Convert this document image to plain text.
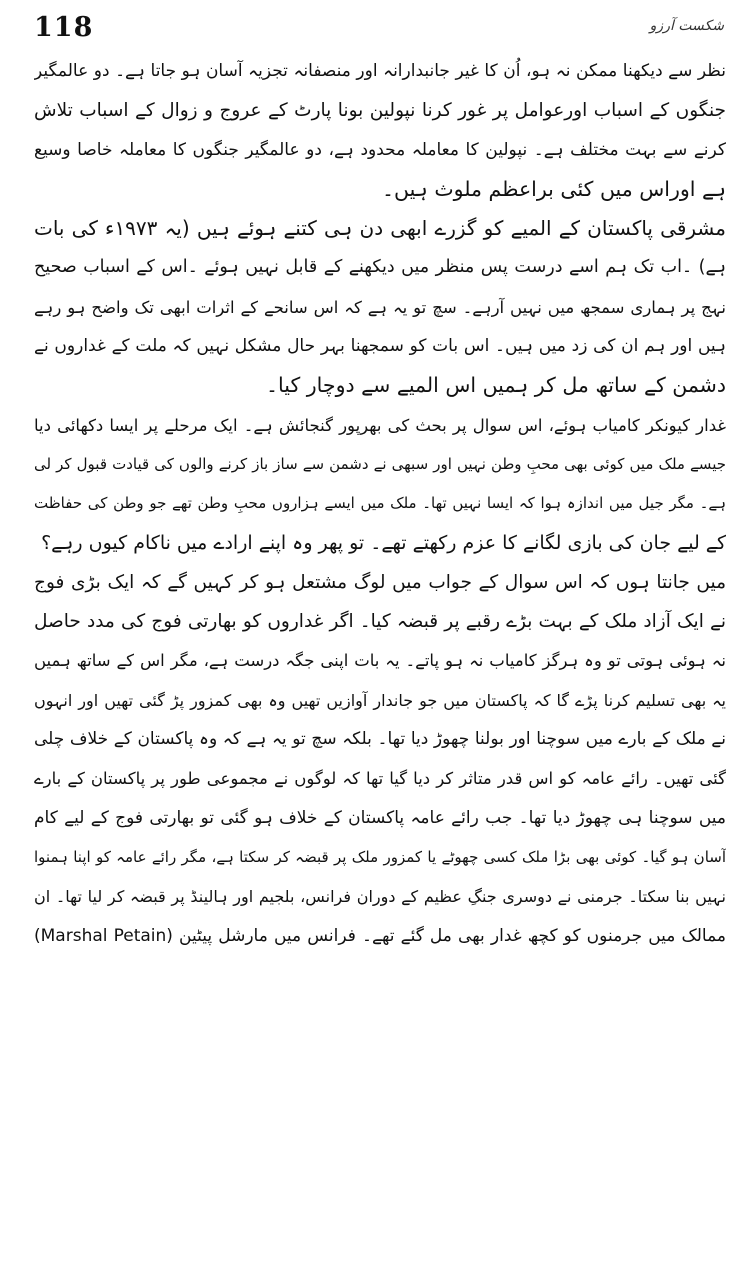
118	شکست آرزو
نظر سے دیکھنا ممکن نہ ہو، اُن کا غیر جانبدارانہ اور منصفانہ تجزیہ آسان ہو جاتا ہے۔ دو عالمگیر
جنگوں کے اسباب اورعوامل پر غور کرنا نپولین بونا پارٹ کے عروج و زوال کے اسباب تلاش
کرنے سے بہت مختلف ہے۔ نپولین کا معاملہ محدود ہے، دو عالمگیر جنگوں کا معاملہ خاصا وسیع
ہے اوراس میں کئی براعظم ملوث ہیں۔
مشرقی پاکستان کے المیے کو گزرے ابھی دن ہی کتنے ہوئے ہیں (یہ ۱۹۷۳ء کی بات
ہے) ۔اب تک ہم اسے درست پس منظر میں دیکھنے کے قابل نہیں ہوئے ۔اس کے اسباب صحیح
نہج پر ہماری سمجھ میں نہیں آرہے۔ سچ تو یہ ہے کہ اس سانحے کے اثرات ابھی تک واضح ہو رہے
ہیں اور ہم ان کی زد میں ہیں۔ اس بات کو سمجھنا بہر حال مشکل نہیں کہ ملت کے غداروں نے
دشمن کے ساتھ مل کر ہمیں اس المیے سے دوچار کیا۔
غدار کیونکر کامیاب ہوئے، اس سوال پر بحث کی بھرپور گنجائش ہے۔ ایک مرحلے پر ایسا دکھائی دیا
جیسے ملک میں کوئی بھی محبِ وطن نہیں اور سبھی نے دشمن سے ساز باز کرنے والوں کی قیادت قبول کر لی
ہے۔ مگر جیل میں اندازہ ہوا کہ ایسا نہیں تھا۔ ملک میں ایسے ہزاروں محبِ وطن تھے جو وطن کی حفاظت
کے لیے جان کی بازی لگانے کا عزم رکھتے تھے۔ تو پھر وہ اپنے ارادے میں ناکام کیوں رہے؟
میں جانتا ہوں کہ اس سوال کے جواب میں لوگ مشتعل ہو کر کہیں گے کہ ایک بڑی فوج
نے ایک آزاد ملک کے بہت بڑے رقبے پر قبضہ کیا۔ اگر غداروں کو بھارتی فوج کی مدد حاصل
نہ ہوئی ہوتی تو وہ ہرگز کامیاب نہ ہو پاتے۔ یہ بات اپنی جگہ درست ہے، مگر اس کے ساتھ ہمیں
یہ بھی تسلیم کرنا پڑے گا کہ پاکستان میں جو جاندار آوازیں تھیں وہ بھی کمزور پڑ گئی تھیں اور انہوں
نے ملک کے بارے میں سوچنا اور بولنا چھوڑ دیا تھا۔ بلکہ سچ تو یہ ہے کہ وہ پاکستان کے خلاف چلی
گئی تھیں۔ رائے عامہ کو اس قدر متاثر کر دیا گیا تھا کہ لوگوں نے مجموعی طور پر پاکستان کے بارے
میں سوچنا ہی چھوڑ دیا تھا۔ جب رائے عامہ پاکستان کے خلاف ہو گئی تو بھارتی فوج کے لیے کام
آسان ہو گیا۔ کوئی بھی بڑا ملک کسی چھوٹے یا کمزور ملک پر قبضہ کر سکتا ہے، مگر رائے عامہ کو اپنا ہمنوا
نہیں بنا سکتا۔ جرمنی نے دوسری جنگِ عظیم کے دوران فرانس، بلجیم اور ہالینڈ پر قبضہ کر لیا تھا۔ ان
ممالک میں جرمنوں کو کچھ غدار بھی مل گئے تھے۔ فرانس میں مارشل پیٹین (Marshal Petain)
